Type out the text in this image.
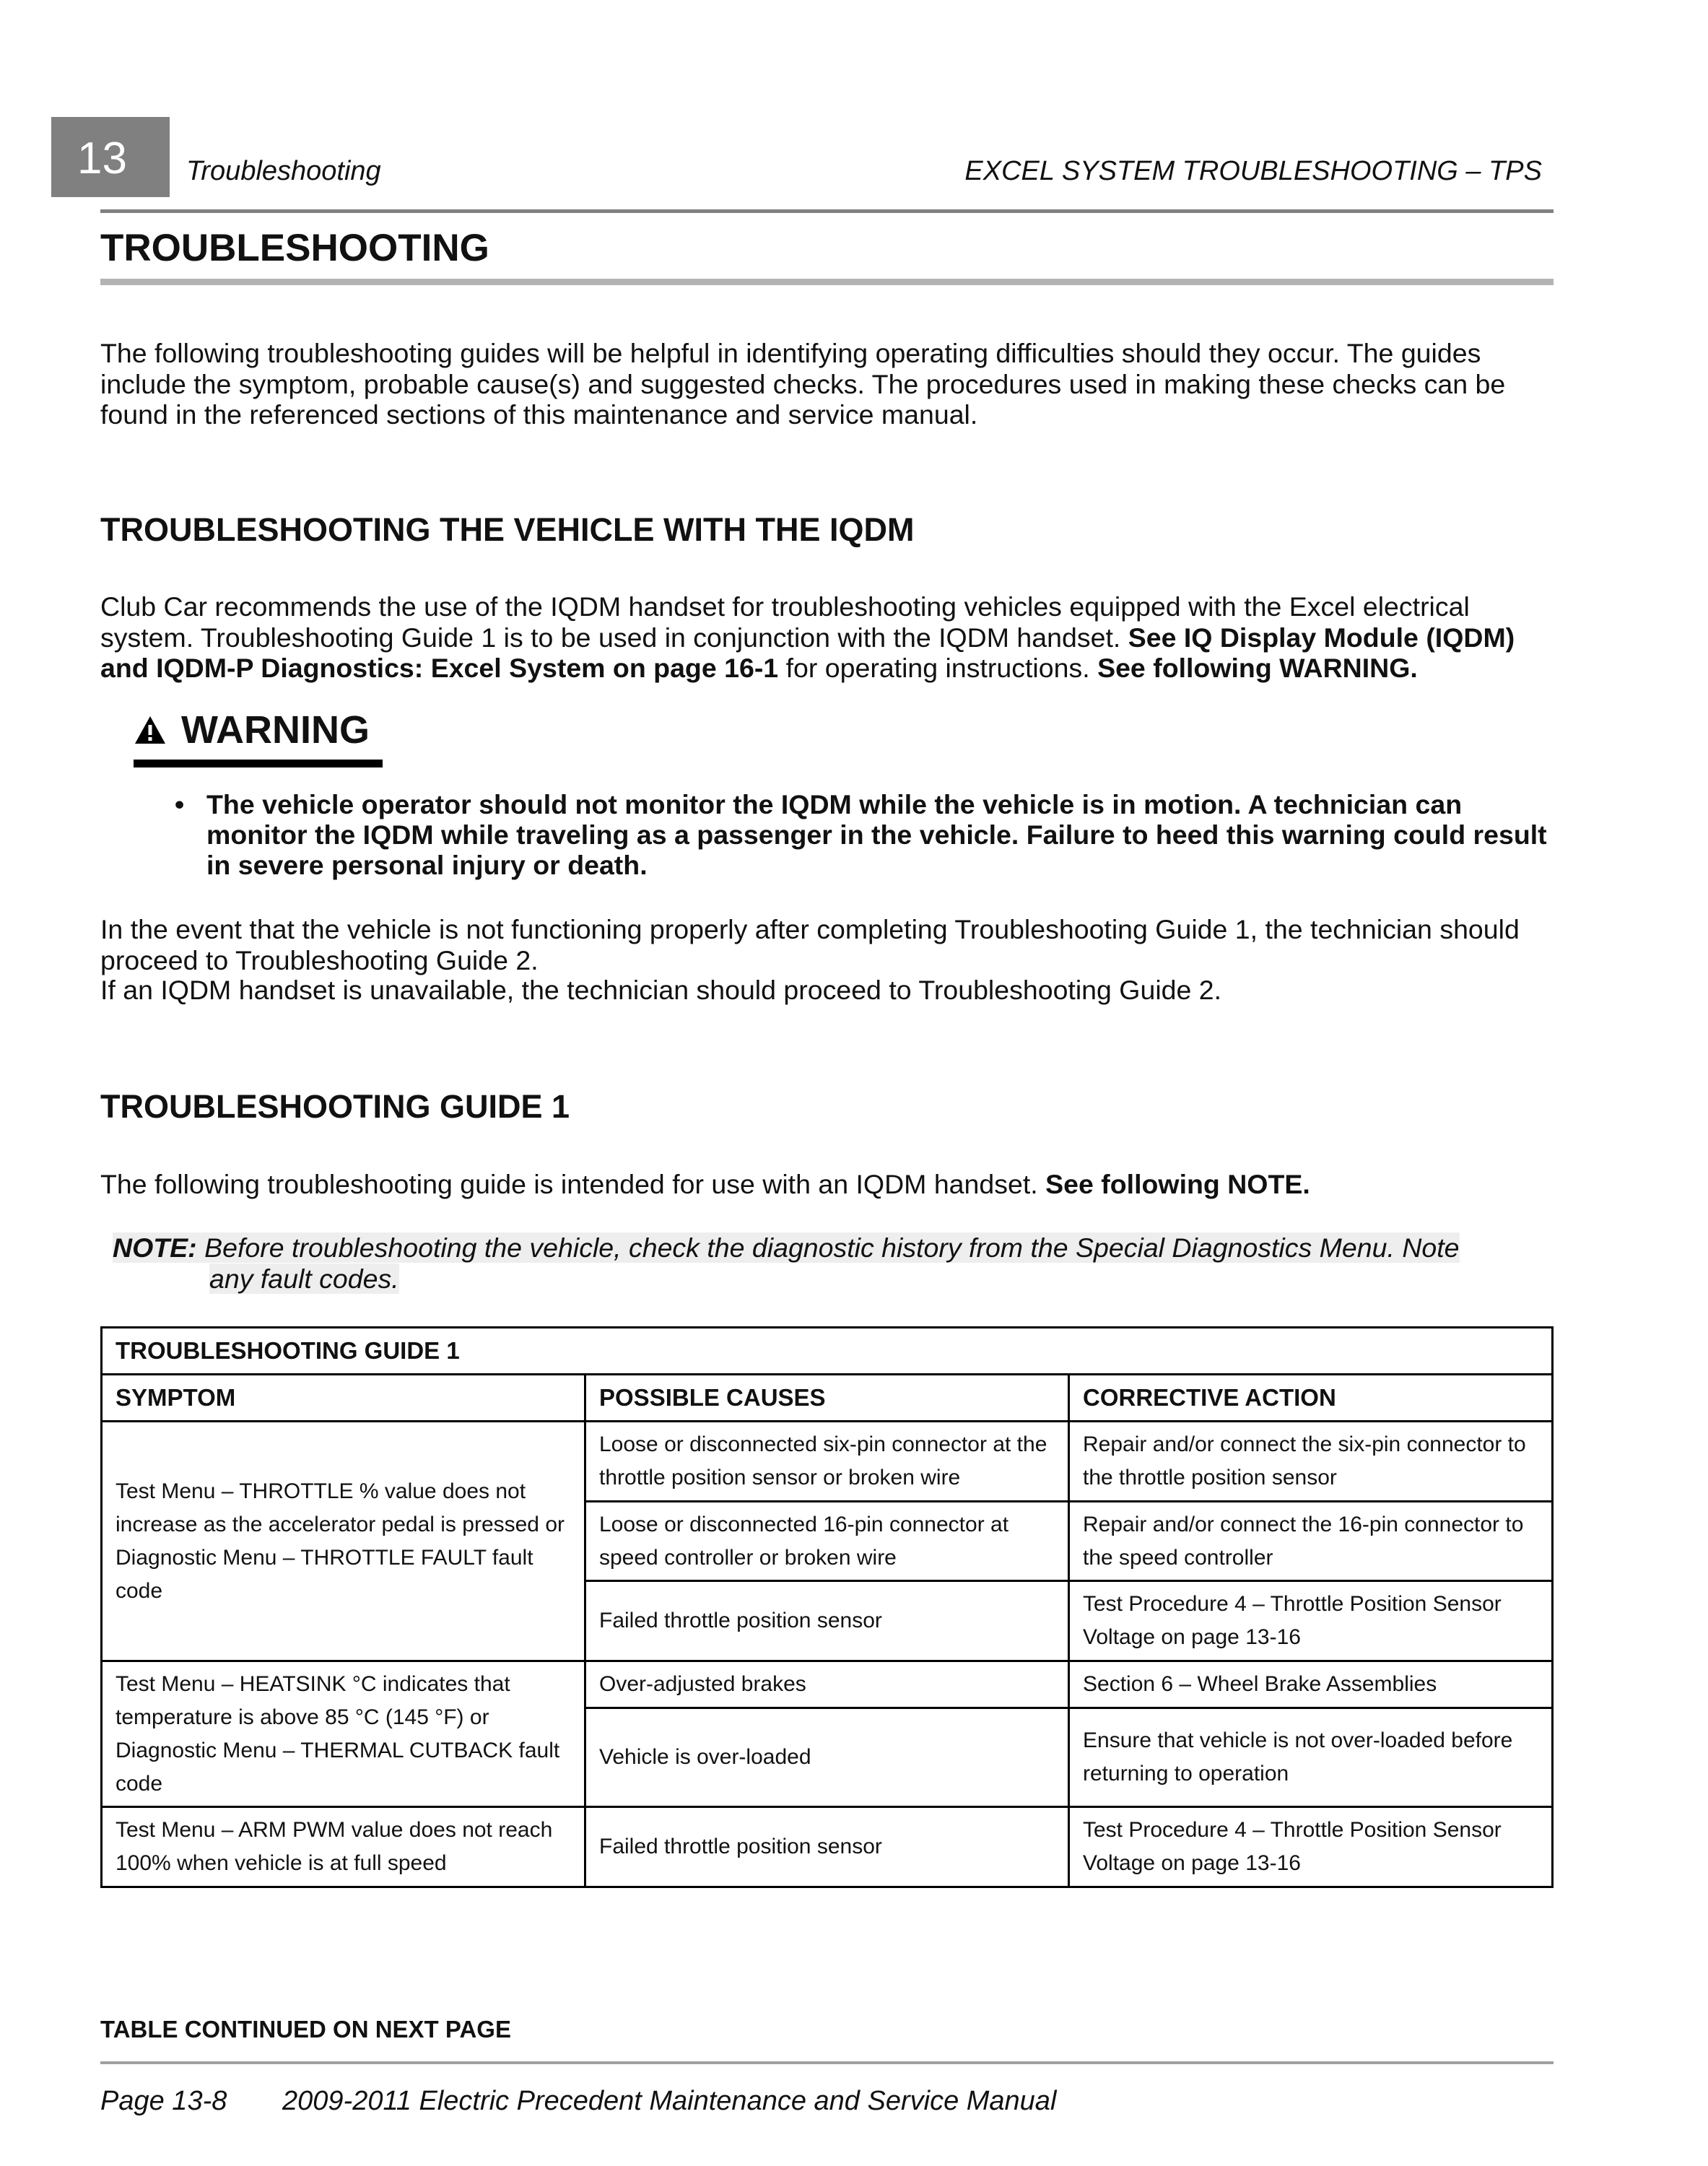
13	Troubleshooting	EXCEL SYSTEM TROUBLESHOOTING – TPS
TROUBLESHOOTING
The following troubleshooting guides will be helpful in identifying operating difficulties should they occur. The guides include the symptom, probable cause(s) and suggested checks. The procedures used in making these checks can be found in the referenced sections of this maintenance and service manual.
TROUBLESHOOTING THE VEHICLE WITH THE IQDM
Club Car recommends the use of the IQDM handset for troubleshooting vehicles equipped with the Excel electrical system. Troubleshooting Guide 1 is to be used in conjunction with the IQDM handset. See IQ Display Module (IQDM) and IQDM-P Diagnostics: Excel System on page 16-1 for operating instructions. See following WARNING.
WARNING
• The vehicle operator should not monitor the IQDM while the vehicle is in motion. A technician can monitor the IQDM while traveling as a passenger in the vehicle. Failure to heed this warning could result in severe personal injury or death.
In the event that the vehicle is not functioning properly after completing Troubleshooting Guide 1, the technician should proceed to Troubleshooting Guide 2.
If an IQDM handset is unavailable, the technician should proceed to Troubleshooting Guide 2.
TROUBLESHOOTING GUIDE 1
The following troubleshooting guide is intended for use with an IQDM handset. See following NOTE.
NOTE: Before troubleshooting the vehicle, check the diagnostic history from the Special Diagnostics Menu. Note
any fault codes.
TROUBLESHOOTING GUIDE 1		
SYMPTOM	POSSIBLE CAUSES	CORRECTIVE ACTION
Test Menu – THROTTLE % value does not increase as the accelerator pedal is pressed or Diagnostic Menu – THROTTLE FAULT fault code	Loose or disconnected six-pin connector at the throttle position sensor or broken wire	Repair and/or connect the six-pin connector to the throttle position sensor
	Loose or disconnected 16-pin connector at speed controller or broken wire	Repair and/or connect the 16-pin connector to the speed controller
	Failed throttle position sensor	Test Procedure 4 – Throttle Position Sensor Voltage on page 13-16
Test Menu – HEATSINK °C indicates that temperature is above 85 °C (145 °F) or Diagnostic Menu – THERMAL CUTBACK fault code	Over-adjusted brakes	Section 6 – Wheel Brake Assemblies
	Vehicle is over-loaded	Ensure that vehicle is not over-loaded before returning to operation
Test Menu – ARM PWM value does not reach 100% when vehicle is at full speed	Failed throttle position sensor	Test Procedure 4 – Throttle Position Sensor Voltage on page 13-16
TABLE CONTINUED ON NEXT PAGE
Page 13-8 2009-2011 Electric Precedent Maintenance and Service Manual
